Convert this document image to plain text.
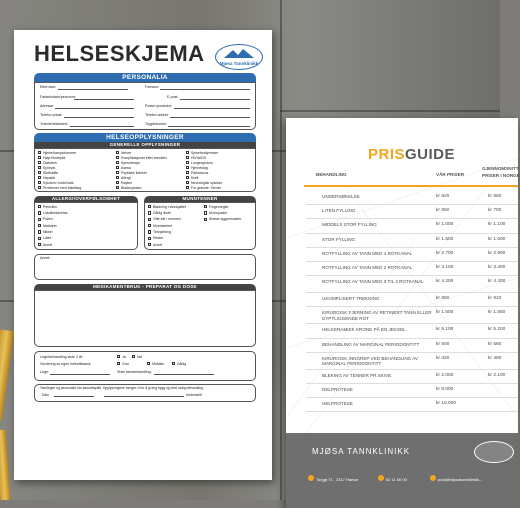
HELSESKJEMA	Mjøsa Tannklinikk
PERSONALIA
Etternavn:	Fornavn:
Fødselsdato/personnr:	E-post:
Adresse:	Postnr./poststed:
Telefon privat:	Telefon arbeid:
Yrke/arbeidssted:	Trygdekontor:
HELSEOPPLYSNINGER
GENERELLE OPPLYSNINGER
Hjerte/karsykdommer
Høyt blodtrykk
Diabetes
Epilepsi
Stoffskifte
Hepatitt
Sykdom i hode/hals
Problemer med blødning
Nerver
Komplikasjoner etter tannbeh.
Kjemoterapi
Astma
Psykiske lidelser
Allergi
Røyker
Bladerykdom
Spiseforstyrrelser
HIV/AIDS
Lungesykdom
Hjerneslag
Parkinsons
Kreft
Nevrologisk sykdom
For gravide: Termin
ALLERGI/OVERFØLSOMHET	MUNNTENNER
Penicillin
Lokalbedøvelse
Pollen
Matvarer
Nikkel
Latex
Annet
Blødning i tannkjøttet
Dårlig ånde
Ofte sår i munnen
Munntørrhet
Tannpirking
Rester
Annet
Fingernegler
Munnpusler
Ømme tyggemuskler
Annet:
MEDIKAMENTBRUK - PREPARAT OG DOSE
Lege/behandling siste 2 år:	Ja	Nei
Vurdering av egen helsetilstand:	God	Middels	Dårlig
Lege:	Siste tannbehandling:
Tannlegen og personalet har taushetsplikt. Opplysningene trenger vi for å gi deg trygg og best mulig behandling.
Dato	Underskrift
PRISGUIDE
BEHANDLING	VÅR PRISER
GJENNOMSNITT
PRISER I NORGE
UNDERSØKELSE	kr 820	kr 860
LITEN FYLLING	kr 650	kr 700
MIDDELS STOR FYLLING	kr 1.000	kr 1.100
STOR FYLLING	kr 1.500	kr 1.600
ROTFYLLING AV TANN MED 1 ROTKANAL	kr 2.700	kr 2.900
ROTFYLLING AV TANN MED 2 ROTKANAL	kr 3.100	kr 3.400
ROTFYLLING AV TANN MED 3 TIL 4 ROTKANAL	kr 4.200	kr 4.400
UKOMPLISERT TREKKING	kr 850	kr 910
KIRURGISK FJERNING AV RETINERT TANN ELLER DYPTLIGGENDE ROT
kr 1.500	kr 1.650
HELKERAMISK KRONE PÅ EN JEKSEL	kr 5.100	kr 5.200
BEHANDLING AV MARGINAL PERIODONTITT	kr 500	kr 560
KIRURGISK INNGREP VED BEHANDLING AV MARGINAL PERIODONTITT
kr 420	kr 490
BLEKING AV TENNER PR.SKIVE	kr 2.000	kr 2.100
DELPROTESE	kr 8.000
HELPROTESE	kr 10.000
MJØSA TANNKLINIKK
Torggt 71 , 2317 Hamar	62 11 60 00	post@mjosatannklinikk...
